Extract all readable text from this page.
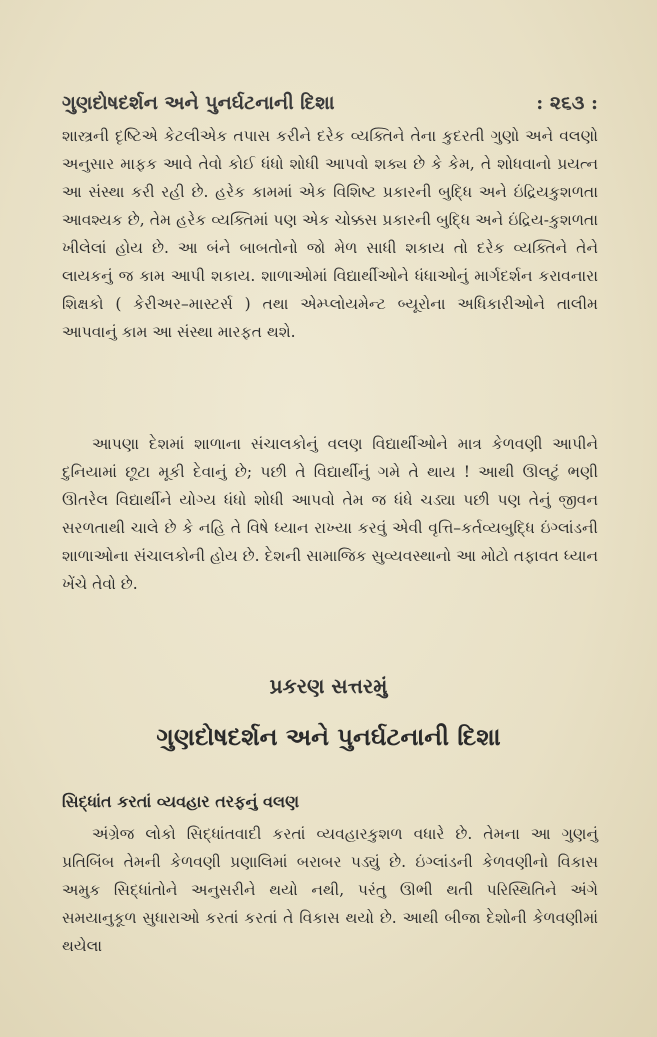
ગુણદોષદર્શન અને પુનર્ઘટનાની દિશા	: ૨૬૩ :
શાસ્ત્રની દૃષ્ટિએ કેટલીએક તપાસ કરીને દરેક વ્યક્તિને તેના કુદરતી ગુણો અને વલણો અનુસાર માફક આવે તેવો કોઈ ધંધો શોધી આપવો શક્ય છે કે કેમ, તે શોધવાનો પ્રયત્ન આ સંસ્થા કરી રહી છે. હરેક કામમાં એક વિશિષ્ટ પ્રકારની બુદ્ધિ અને ઇંદ્રિયકુશળતા આવશ્યક છે, તેમ હરેક વ્યક્તિમાં પણ એક ચોક્કસ પ્રકારની બુદ્ધિ અને ઇંદ્રિય-કુશળતા ખીલેલાં હોય છે. આ બંને બાબતોનો જો મેળ સાધી શકાય તો દરેક વ્યક્તિને તેને લાયકનું જ કામ આપી શકાય. શાળાઓમાં વિદ્યાર્થીઓને ધંધાઓનું માર્ગદર્શન કરાવનારા શિક્ષકો ( કેરીઅર–માસ્ટર્સ ) તથા એમ્પ્લોયમેન્ટ બ્યૂરોના અધિકારીઓને તાલીમ આપવાનું કામ આ સંસ્થા મારફત થશે.
આપણા દેશમાં શાળાના સંચાલકોનું વલણ વિદ્યાર્થીઓને માત્ર કેળવણી આપીને દુનિયામાં છૂટા મૂકી દેવાનું છે; પછી તે વિદ્યાર્થીનું ગમે તે થાય ! આથી ઊલટું ભણી ઊતરેલ વિદ્યાર્થીને યોગ્ય ધંધો શોધી આપવો તેમ જ ધંધે ચડ્યા પછી પણ તેનું જીવન સરળતાથી ચાલે છે કે નહિ તે વિષે ધ્યાન રાખ્યા કરવું એવી વૃત્તિ–કર્તવ્યબુદ્ધિ ઇંગ્લાંડની શાળાઓના સંચાલકોની હોય છે. દેશની સામાજિક સુવ્યવસ્થાનો આ મોટો તફાવત ધ્યાન ખેંચે તેવો છે.
પ્રકરણ સત્તરમું
ગુણદોષદર્શન અને પુનર્ઘટનાની દિશા
સિદ્ધાંત કરતાં વ્યવહાર તરફનું વલણ
અંગ્રેજ લોકો સિદ્ધાંતવાદી કરતાં વ્યવહારકુશળ વધારે છે. તેમના આ ગુણનું પ્રતિબિંબ તેમની કેળવણી પ્રણાલિમાં બરાબર પડ્યું છે. ઇંગ્લાંડની કેળવણીનો વિકાસ અમુક સિદ્ધાંતોને અનુસરીને થયો નથી, પરંતુ ઊભી થતી પરિસ્થિતિને અંગે સમયાનુકૂળ સુધારાઓ કરતાં કરતાં તે વિકાસ થયો છે. આથી બીજા દેશોની કેળવણીમાં થયેલા
